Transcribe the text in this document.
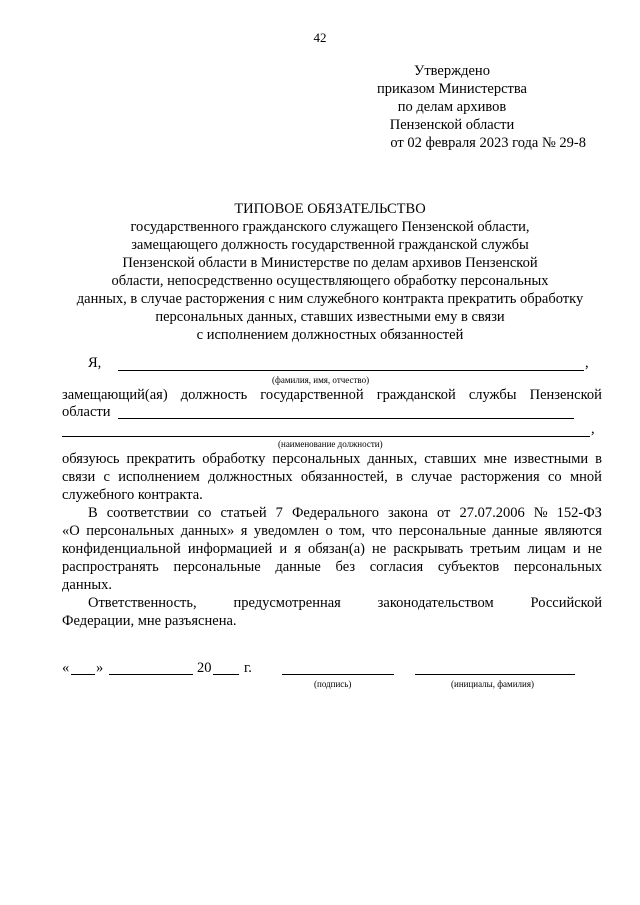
42
Утверждено
приказом Министерства
по делам архивов
Пензенской области
от 02 февраля 2023 года № 29-8
ТИПОВОЕ ОБЯЗАТЕЛЬСТВО
государственного гражданского служащего Пензенской области,
замещающего должность государственной гражданской службы
Пензенской области в Министерстве по делам архивов Пензенской
области, непосредственно осуществляющего обработку персональных
данных, в случае расторжения с ним служебного контракта прекратить обработку
персональных данных, ставших известными ему в связи
с исполнением должностных обязанностей
Я,	,
(фамилия, имя, отчество)
замещающий(ая) должность государственной гражданской службы Пензенской
области
,
(наименование должности)
обязуюсь прекратить обработку персональных данных, ставших мне известными в
связи с исполнением должностных обязанностей, в случае расторжения со мной
служебного контракта.
В соответствии со статьей 7 Федерального закона от 27.07.2006 № 152-ФЗ
«О персональных данных» я уведомлен о том, что персональные данные являются
конфиденциальной информацией и я обязан(а) не раскрывать третьим лицам и не
распространять персональные данные без согласия субъектов персональных
данных.
Ответственность,	предусмотренная	законодательством	Российской
Федерации, мне разъяснена.
« »	20 г.
(подпись)	(инициалы, фамилия)
